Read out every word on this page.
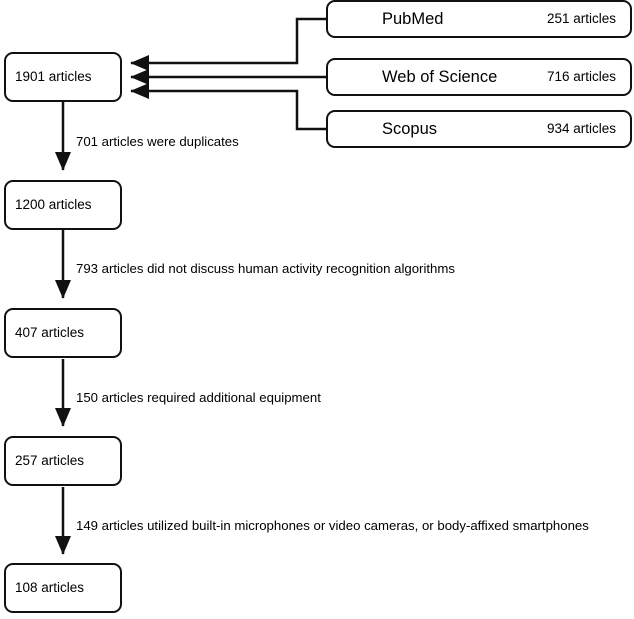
PubMed	251 articles
Web of Science	716 articles
Scopus	934 articles
1901 articles
1200 articles
407 articles
257 articles
108 articles
701 articles were duplicates
793 articles did not discuss human activity recognition algorithms
150 articles required additional equipment
149 articles utilized built-in microphones or video cameras, or body-affixed smartphones
